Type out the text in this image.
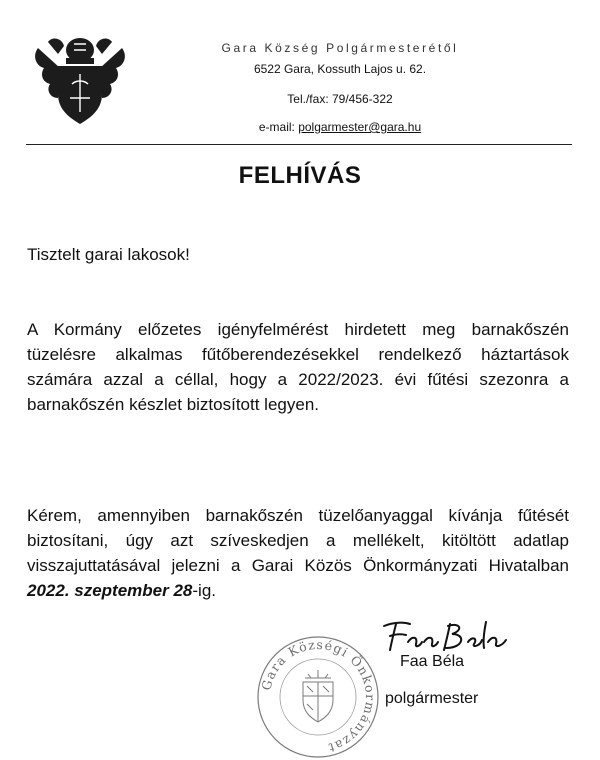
Gara Község Polgármesterétől
6522 Gara, Kossuth Lajos u. 62.
Tel./fax: 79/456-322
e-mail: polgarmester@gara.hu
FELHÍVÁS
Tisztelt garai lakosok!
A Kormány előzetes igényfelmérést hirdetett meg barnakőszén tüzelésre alkalmas fűtőberendezésekkel rendelkező háztartások számára azzal a céllal, hogy a 2022/2023. évi fűtési szezonra a barnakőszén készlet biztosított legyen.
Kérem, amennyiben barnakőszén tüzelőanyaggal kívánja fűtését biztosítani, úgy azt szíveskedjen a mellékelt, kitöltött adatlap visszajuttatásával jelezni a Garai Közös Önkormányzati Hivatalban 2022. szeptember 28-ig.
Gara Községi Önkormányzat
Faa Béla
polgármester
